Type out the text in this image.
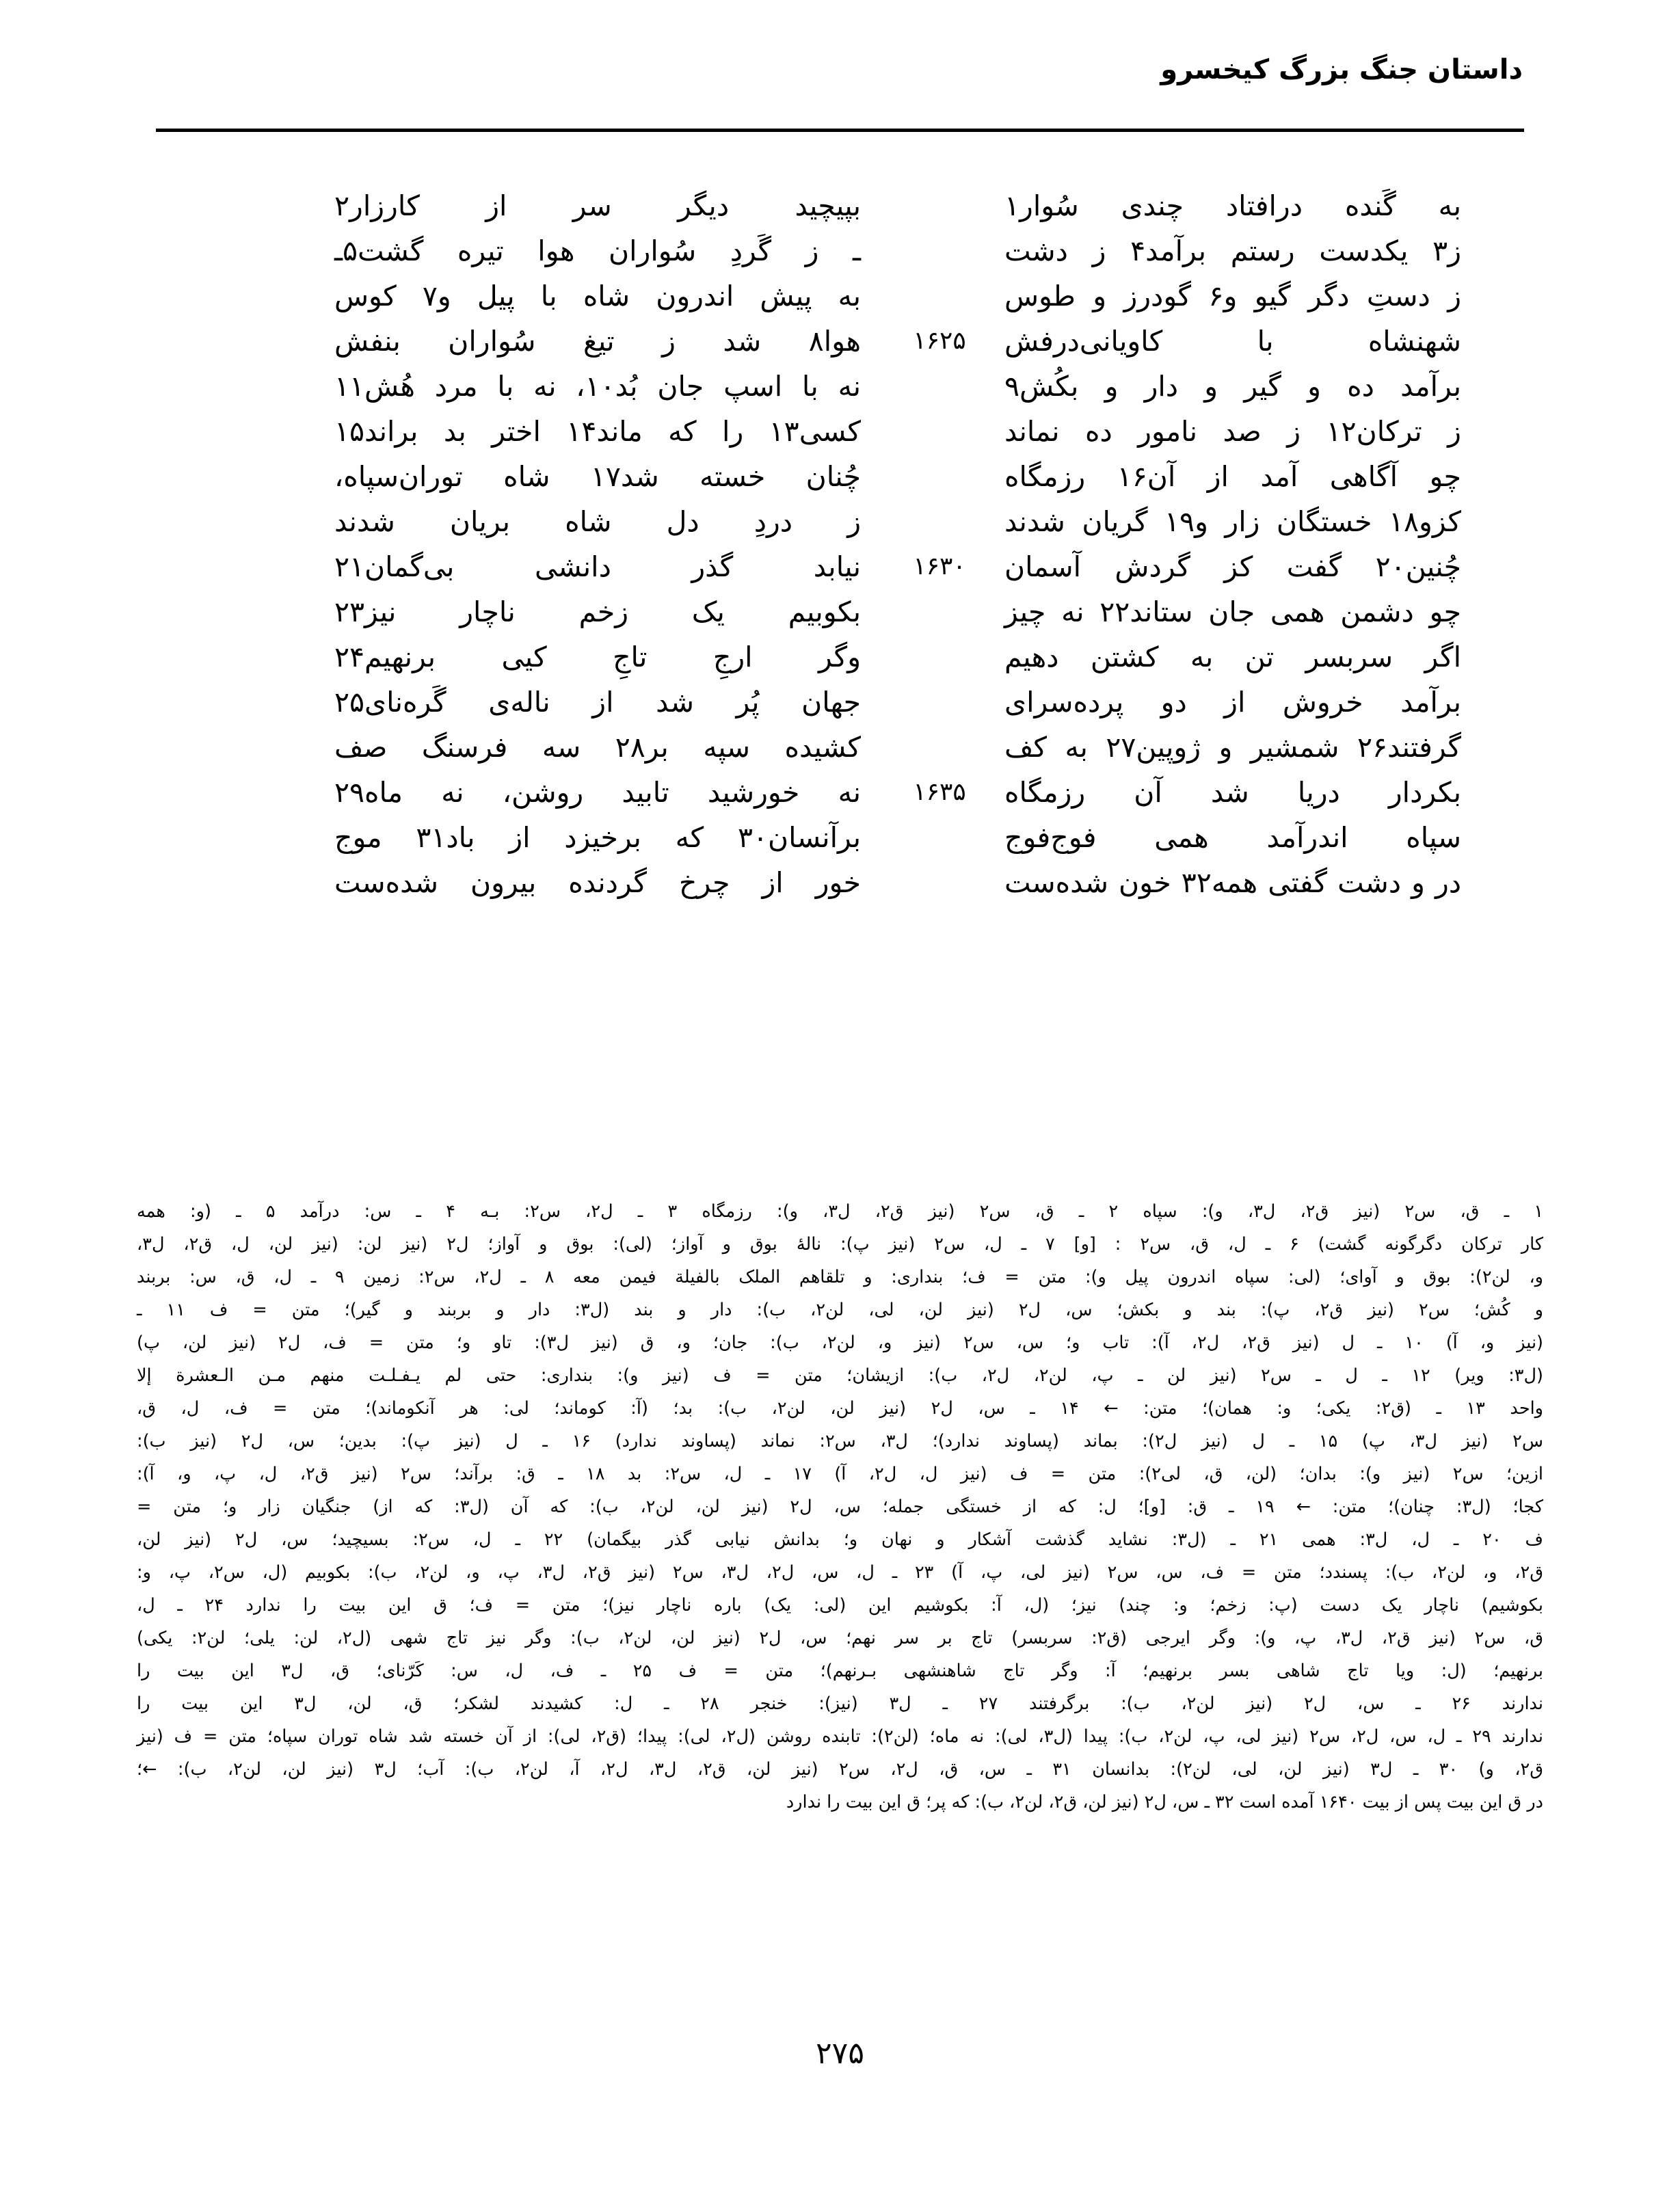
داستان جنگ بزرگ کیخسرو
به گَنده درافتاد چندی سُوار۱
بپیچید دیگر سر از کارزار۲
ز۳ یکدست رستم برآمد۴ ز دشت
ـ ز گَردِ سُواران هوا تیره گشت۵ـ
ز دستِ دگر گیو و۶ گودرز و طوس
به پیش اندرون شاه با پیل و۷ کوس
شهنشاه با کاویانی‌درفش
۱۶۲۵
هوا۸ شد ز تیغ سُواران بنفش
برآمد ده و گیر و دار و بکُش۹
نه با اسپ جان بُد۱۰، نه با مرد هُش۱۱
ز ترکان۱۲ ز صد نامور ده نماند
کسی۱۳ را که ماند۱۴ اختر بد براند۱۵
چو آگاهی آمد از آن۱۶ رزمگاه
چُنان خسته شد۱۷ شاه توران‌سپاه،
کزو۱۸ خستگان زار و۱۹ گریان شدند
ز دردِ دل شاه بریان شدند
چُنین۲۰ گفت کز گردش آسمان
۱۶۳۰
نیابد گذر دانشی بی‌گمان۲۱
چو دشمن همی جان ستاند۲۲ نه چیز
بکوبیم یک زخم ناچار نیز۲۳
اگر سربسر تن به کشتن دهیم
وگر ارجِ تاجِ کیی برنهیم۲۴
برآمد خروش از دو پرده‌سرای
جهان پُر شد از ناله‌ی گَره‌نای۲۵
گرفتند۲۶ شمشیر و ژوپین۲۷ به کف
کشیده سپه بر۲۸ سه فرسنگ صف
بکردار دریا شد آن رزمگاه
۱۶۳۵
نه خورشید تابید روشن، نه ماه۲۹
سپاه اندرآمد همی فوج‌فوج
برآنسان۳۰ که برخیزد از باد۳۱ موج
در و دشت گفتی همه۳۲ خون شده‌ست
خور از چرخ گردنده بیرون شده‌ست

۱ ـ ق، س۲ (نیز ق۲، ل۳، و): سپاه ۲ ـ ق، س۲ (نیز ق۲، ل۳، و): رزمگاه ۳ ـ ل۲، س۲: بـه ۴ ـ س: درآمد ۵ ـ (و: همه

کار ترکان دگرگونه گشت) ۶ ـ ل، ق، س۲ : [و] ۷ ـ ل، س۲ (نیز پ): نالهٔ بوق و آواز؛ (لی): بوق و آواز؛ ل۲ (نیز لن: (نیز لن، ل، ق۲، ل۳،

و، لن۲): بوق و آوای؛ (لی: سپاه اندرون پیل و): متن = ف؛ بنداری: و تلقاهم الملک بالفیلة فیمن معه ۸ ـ ل۲، س۲: زمین ۹ ـ ل، ق، س: بربند

و کُش؛ س۲ (نیز ق۲، پ): بند و بکش؛ س، ل۲ (نیز لن، لی، لن۲، ب): دار و بند (ل۳: دار و بربند و گیر)؛ متن = ف ۱۱ ـ

(نیز و، آ) ۱۰ ـ ل (نیز ق۲، ل۲، آ): تاب و؛ س، س۲ (نیز و، لن۲، ب): جان؛ و، ق (نیز ل۳): تاو و؛ متن = ف، ل۲ (نیز لن، پ)

(ل۳: ویر) ۱۲ ـ ل ـ س۲ (نیز لن ـ پ، لن۲، ل۲، ب): ازیشان؛ متن = ف (نیز و): بنداری: حتی لم یـفـلـت منهم مـن الـعشرة إلا

واحد ۱۳ ـ (ق۲: یکی؛ و: همان)؛ متن: ← ۱۴ ـ س، ل۲ (نیز لن، لن۲، ب): بد؛ (آ: کوماند؛ لی: هر آنکوماند)؛ متن = ف، ل، ق،

س۲ (نیز ل۳، پ) ۱۵ ـ ل (نیز ل۲): بماند (پساوند ندارد)؛ ل۳، س۲: نماند (پساوند ندارد) ۱۶ ـ ل (نیز پ): بدین؛ س، ل۲ (نیز ب):

ازین؛ س۲ (نیز و): بدان؛ (لن، ق، لی۲): متن = ف (نیز ل، ل۲، آ) ۱۷ ـ ل، س۲: بد ۱۸ ـ ق: برآند؛ س۲ (نیز ق۲، ل، پ، و، آ):

کجا؛ (ل۳: چنان)؛ متن: ← ۱۹ ـ ق: [و]؛ ل: که از خستگی جمله؛ س، ل۲ (نیز لن، لن۲، ب): که آن (ل۳: که از) جنگیان زار و؛ متن =

ف ۲۰ ـ ل، ل۳: همی ۲۱ ـ (ل۳: نشاید گذشت آشکار و نهان و؛ بدانش نیابی گذر بیگمان) ۲۲ ـ ل، س۲: بسیچید؛ س، ل۲ (نیز لن،

ق۲، و، لن۲، ب): پسندد؛ متن = ف، س، س۲ (نیز لی، پ، آ) ۲۳ ـ ل، س، ل۲، ل۳، س۲ (نیز ق۲، ل۳، پ، و، لن۲، ب): بکوبیم (ل، س۲، پ، و:

بکوشیم) ناچار یک دست (پ: زخم؛ و: چند) نیز؛ (ل، آ: بکوشیم این (لی: یک) باره ناچار نیز)؛ متن = ف؛ ق این بیت را ندارد ۲۴ ـ ل،

ق، س۲ (نیز ق۲، ل۳، پ، و): وگر ایرجی (ق۲: سربسر) تاج بر سر نهم؛ س، ل۲ (نیز لن، لن۲، ب): وگر نیز تاج شهی (ل۲، لن: یلی؛ لن۲: یکی)

برنهیم؛ (ل: ویا تاج شاهی بسر برنهیم؛ آ: وگر تاج شاهنشهی بـرنهم)؛ متن = ف ۲۵ ـ ف، ل، س: کَرّنای؛ ق، ل۳ این بیت را

ندارند ۲۶ ـ س، ل۲ (نیز لن۲، ب): برگرفتند ۲۷ ـ ل۳ (نیز): خنجر ۲۸ ـ ل: کشیدند لشکر؛ ق، لن، ل۳ این بیت را

ندارند ۲۹ ـ ل، س، ل۲، س۲ (نیز لی، پ، لن۲، ب): پیدا (ل۳، لی): نه ماه؛ (لن۲): تابنده روشن (ل۲، لی): پیدا؛ (ق۲، لی): از آن خسته شد شاه توران سپاه؛ متن = ف (نیز

ق۲، و) ۳۰ ـ ل۳ (نیز لن، لی، لن۲): بدانسان ۳۱ ـ س، ق، ل۲، س۲ (نیز لن، ق۲، ل۳، ل۲، آ، لن۲، ب): آب؛ ل۳ (نیز لن، لن۲، ب): ←؛

در ق این بیت پس از بیت ۱۶۴۰ آمده است ۳۲ ـ س، ل۲ (نیز لن، ق۲، لن۲، ب): که پر؛ ق این بیت را ندارد

۲۷۵
